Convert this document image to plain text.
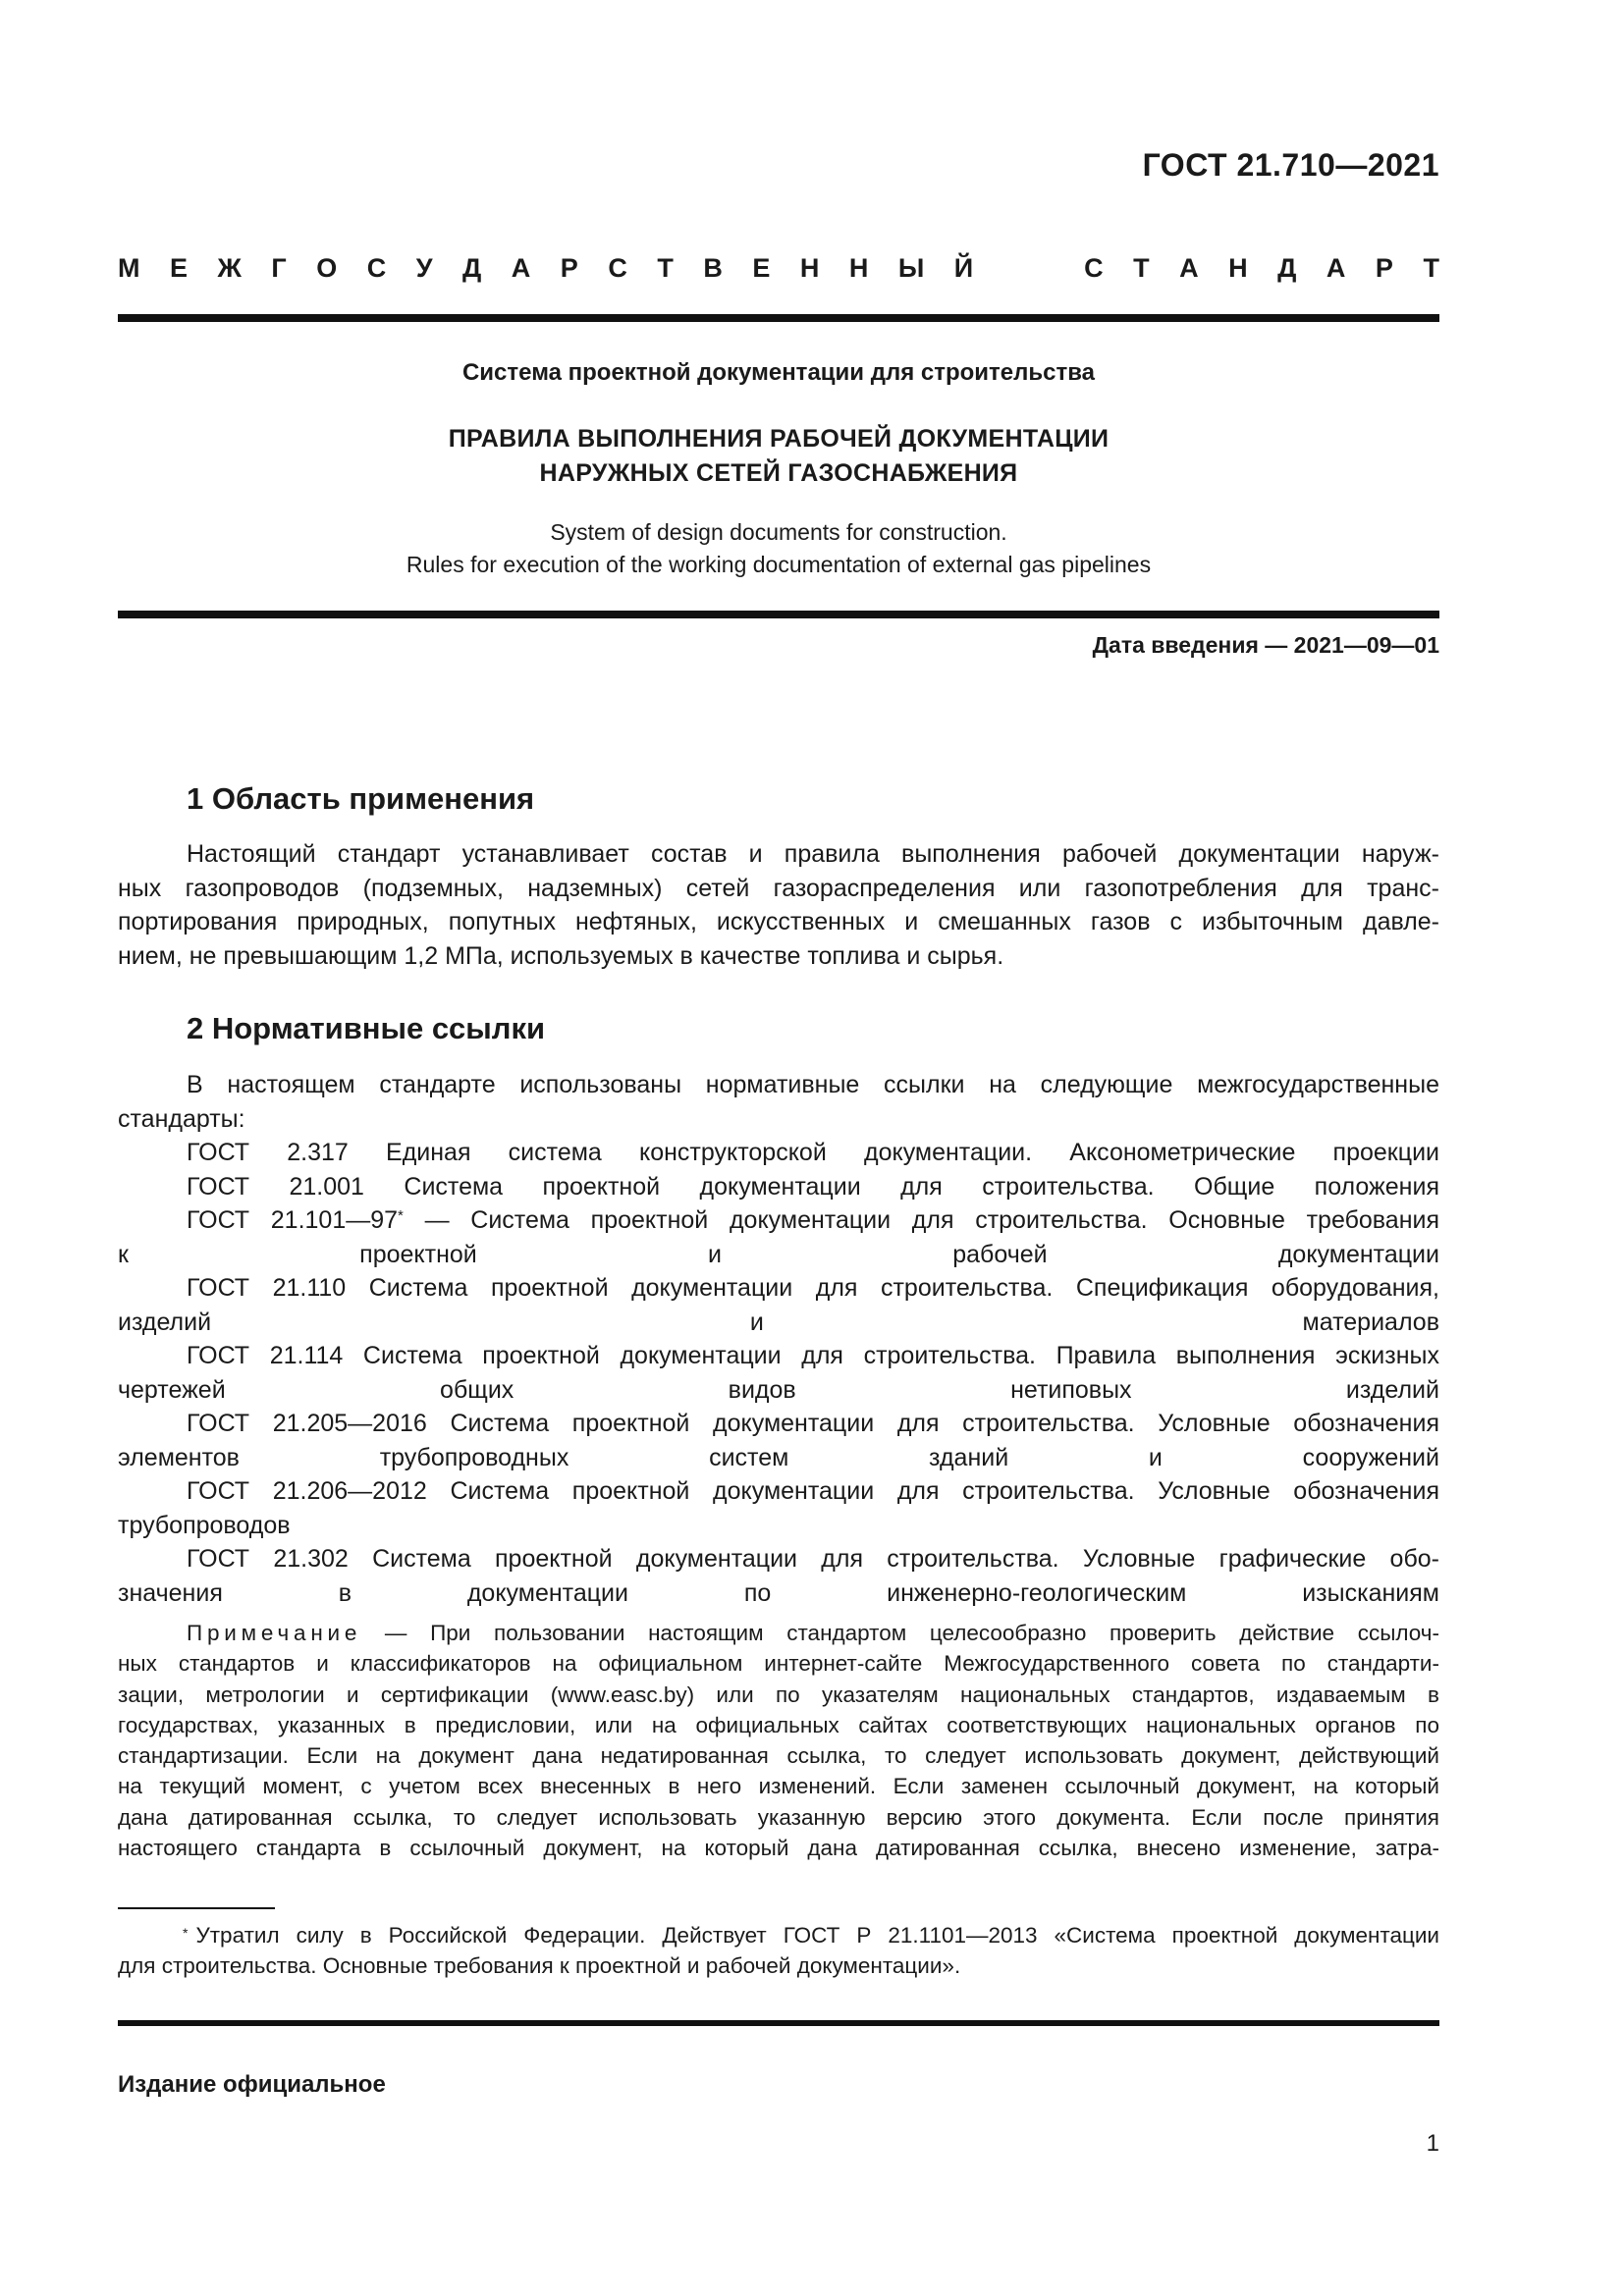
ГОСТ 21.710—2021
М Е Ж Г О С У Д А Р С Т В Е Н Н Ы Й	С Т А Н Д А Р Т
Система проектной документации для строительства
ПРАВИЛА ВЫПОЛНЕНИЯ РАБОЧЕЙ ДОКУМЕНТАЦИИ
НАРУЖНЫХ СЕТЕЙ ГАЗОСНАБЖЕНИЯ
System of design documents for construction.
Rules for execution of the working documentation of external gas pipelines
Дата введения — 2021—09—01
1 Область применения
Настоящий стандарт устанавливает состав и правила выполнения рабочей документации наруж-
ных газопроводов (подземных, надземных) сетей газораспределения или газопотребления для транс-
портирования природных, попутных нефтяных, искусственных и смешанных газов с избыточным давле-
нием, не превышающим 1,2 МПа, используемых в качестве топлива и сырья.
2 Нормативные ссылки
В настоящем стандарте использованы нормативные ссылки на следующие межгосударственные
стандарты:
ГОСТ 2.317 Единая система конструкторской документации. Аксонометрические проекции
ГОСТ 21.001 Система проектной документации для строительства. Общие положения
ГОСТ 21.101—97* — Система проектной документации для строительства. Основные требования
к проектной и рабочей документации
ГОСТ 21.110 Система проектной документации для строительства. Спецификация оборудования,
изделий и материалов
ГОСТ 21.114 Система проектной документации для строительства. Правила выполнения эскизных
чертежей общих видов нетиповых изделий
ГОСТ 21.205—2016 Система проектной документации для строительства. Условные обозначения
элементов трубопроводных систем зданий и сооружений
ГОСТ 21.206—2012 Система проектной документации для строительства. Условные обозначения
трубопроводов
ГОСТ 21.302 Система проектной документации для строительства. Условные графические обо-
значения в документации по инженерно-геологическим изысканиям
Примечание — При пользовании настоящим стандартом целесообразно проверить действие ссылоч-
ных стандартов и классификаторов на официальном интернет-сайте Межгосударственного совета по стандарти-
зации, метрологии и сертификации (www.easc.by) или по указателям национальных стандартов, издаваемым в
государствах, указанных в предисловии, или на официальных сайтах соответствующих национальных органов по
стандартизации. Если на документ дана недатированная ссылка, то следует использовать документ, действующий
на текущий момент, с учетом всех внесенных в него изменений. Если заменен ссылочный документ, на который
дана датированная ссылка, то следует использовать указанную версию этого документа. Если после принятия
настоящего стандарта в ссылочный документ, на который дана датированная ссылка, внесено изменение, затра-
* Утратил силу в Российской Федерации. Действует ГОСТ Р 21.1101—2013 «Система проектной документации
для строительства. Основные требования к проектной и рабочей документации».
Издание официальное
1
